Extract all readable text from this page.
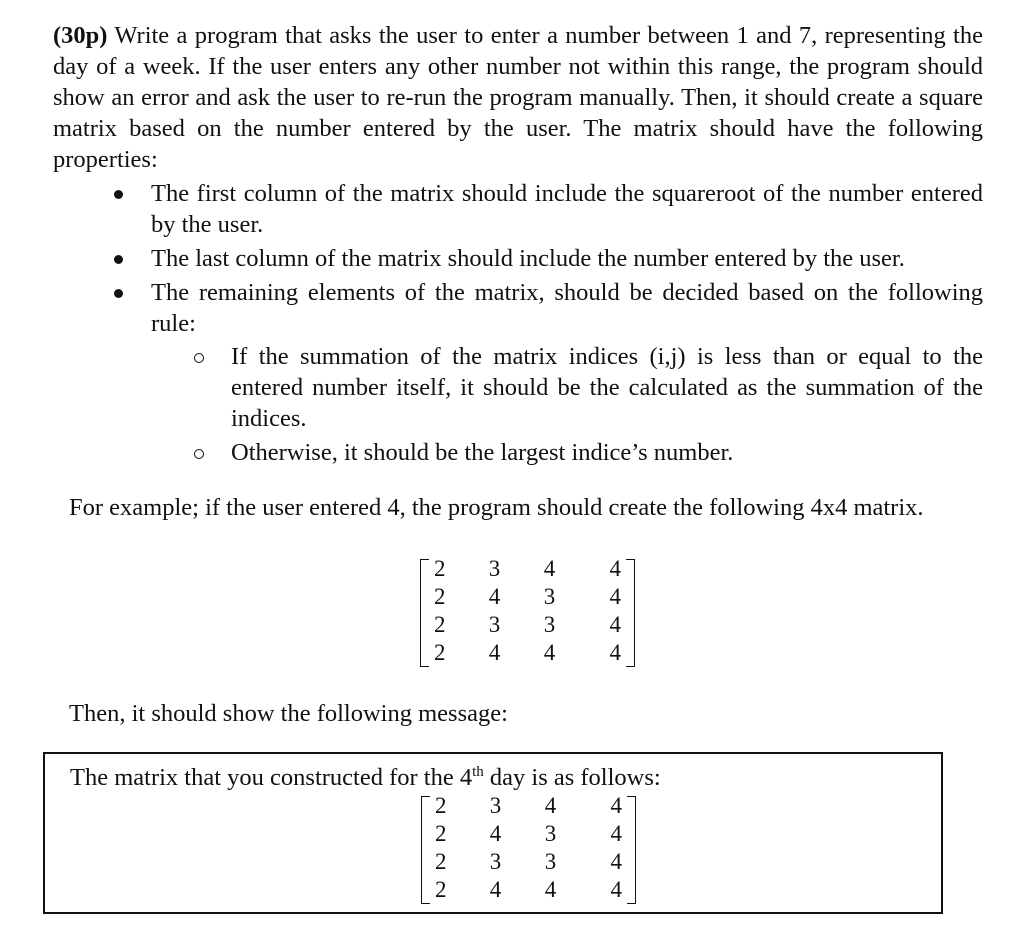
(30p) Write a program that asks the user to enter a number between 1 and 7, representing the day of a week. If the user enters any other number not within this range, the program should show an error and ask the user to re-run the program manually. Then, it should create a square matrix based on the number entered by the user. The matrix should have the following properties:

The first column of the matrix should include the squareroot of the number entered by the user.
The last column of the matrix should include the number entered by the user.
The remaining elements of the matrix, should be decided based on the following rule:
If the summation of the matrix indices (i,j) is less than or equal to the entered number itself, it should be the calculated as the summation of the indices.
Otherwise, it should be the largest indice’s number.

For example; if the user entered 4, the program should create the following 4x4 matrix.

2	3	4	4
2	4	3	4
2	3	3	4
2	4	4	4

Then, it should show the following message:

The matrix that you constructed for the 4th day is as follows:

2	3	4	4
2	4	3	4
2	3	3	4
2	4	4	4
